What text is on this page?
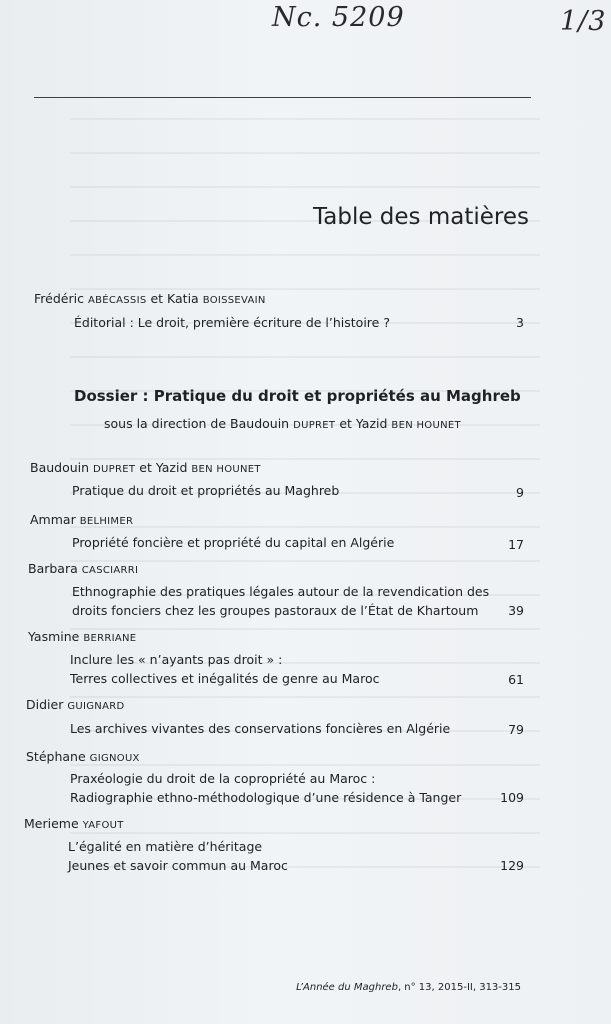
Nc. 5209	1/3
Table des matières
Frédéric ABÉCASSIS et Katia BOISSEVAIN
Éditorial : Le droit, première écriture de l’histoire ?	3
Dossier : Pratique du droit et propriétés au Maghreb
sous la direction de Baudouin DUPRET et Yazid BEN HOUNET
Baudouin DUPRET et Yazid BEN HOUNET
Pratique du droit et propriétés au Maghreb	9
Ammar BELHIMER
Propriété foncière et propriété du capital en Algérie	17
Barbara CASCIARRI
Ethnographie des pratiques légales autour de la revendication des
droits fonciers chez les groupes pastoraux de l’État de Khartoum 39
Yasmine BERRIANE
Inclure les « n’ayants pas droit » :
Terres collectives et inégalités de genre au Maroc	61
Didier GUIGNARD
Les archives vivantes des conservations foncières en Algérie	79
Stéphane GIGNOUX
Praxéologie du droit de la copropriété au Maroc :
Radiographie ethno-méthodologique d’une résidence à Tanger	109
Merieme YAFOUT
L’égalité en matière d’héritage
Jeunes et savoir commun au Maroc	129
L’Année du Maghreb, n° 13, 2015-II, 313-315
